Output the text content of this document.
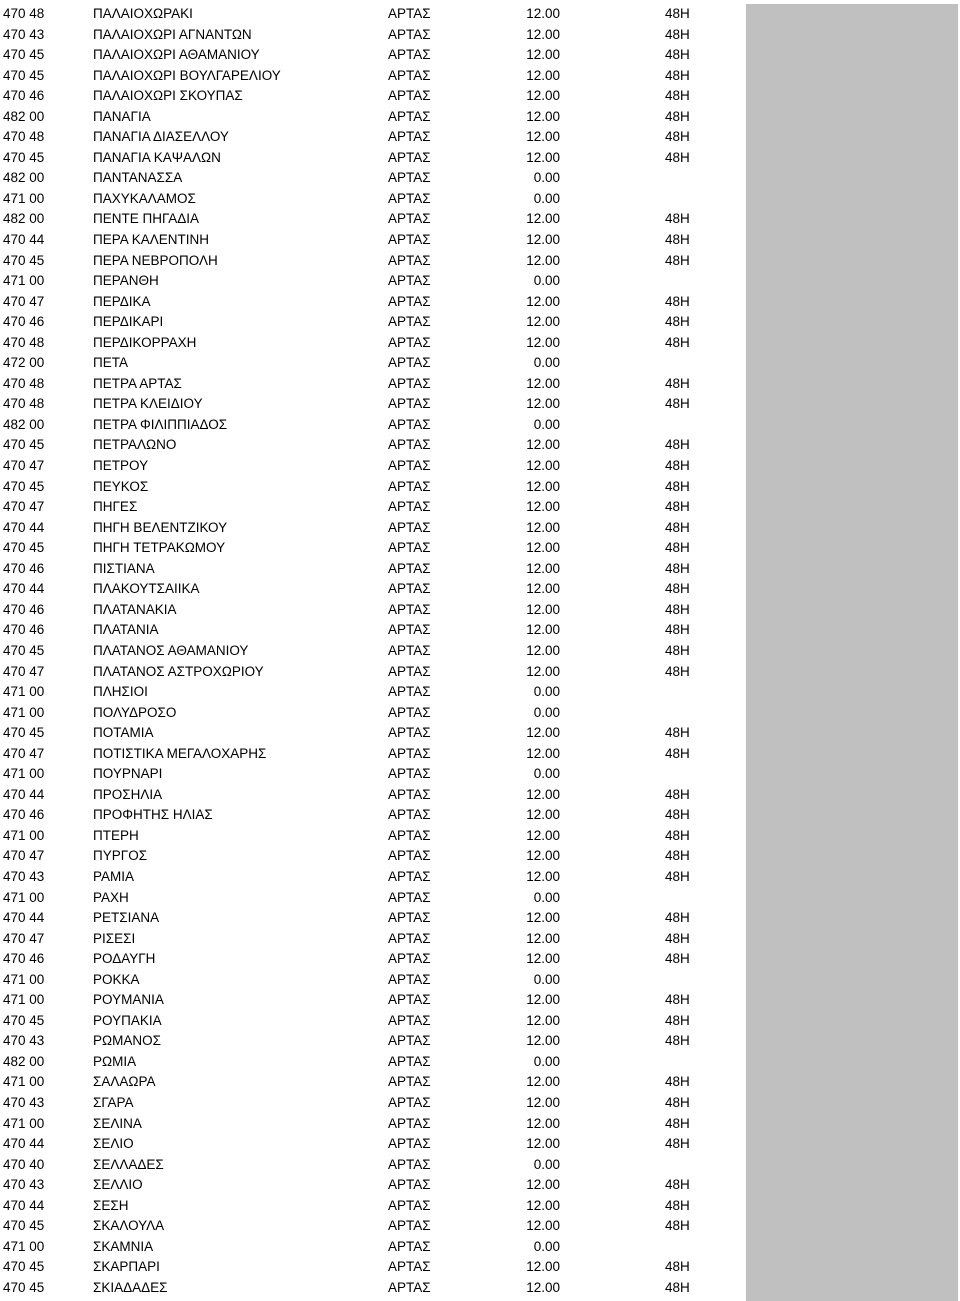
470 48	ΠΑΛΑΙΟΧΩΡΑΚΙ	ΑΡΤΑΣ	12.00	48Η
470 43	ΠΑΛΑΙΟΧΩΡΙ ΑΓΝΑΝΤΩΝ	ΑΡΤΑΣ	12.00	48Η
470 45	ΠΑΛΑΙΟΧΩΡΙ ΑΘΑΜΑΝΙΟΥ	ΑΡΤΑΣ	12.00	48Η
470 45	ΠΑΛΑΙΟΧΩΡΙ ΒΟΥΛΓΑΡΕΛΙΟΥ	ΑΡΤΑΣ	12.00	48Η
470 46	ΠΑΛΑΙΟΧΩΡΙ ΣΚΟΥΠΑΣ	ΑΡΤΑΣ	12.00	48Η
482 00	ΠΑΝΑΓΙΑ	ΑΡΤΑΣ	12.00	48Η
470 48	ΠΑΝΑΓΙΑ ΔΙΑΣΕΛΛΟΥ	ΑΡΤΑΣ	12.00	48Η
470 45	ΠΑΝΑΓΙΑ ΚΑΨΑΛΩΝ	ΑΡΤΑΣ	12.00	48Η
482 00	ΠΑΝΤΑΝΑΣΣΑ	ΑΡΤΑΣ	0.00
471 00	ΠΑΧΥΚΑΛΑΜΟΣ	ΑΡΤΑΣ	0.00
482 00	ΠΕΝΤΕ ΠΗΓΑΔΙΑ	ΑΡΤΑΣ	12.00	48Η
470 44	ΠΕΡΑ ΚΑΛΕΝΤΙΝΗ	ΑΡΤΑΣ	12.00	48Η
470 45	ΠΕΡΑ ΝΕΒΡΟΠΟΛΗ	ΑΡΤΑΣ	12.00	48Η
471 00	ΠΕΡΑΝΘΗ	ΑΡΤΑΣ	0.00
470 47	ΠΕΡΔΙΚΑ	ΑΡΤΑΣ	12.00	48Η
470 46	ΠΕΡΔΙΚΑΡΙ	ΑΡΤΑΣ	12.00	48Η
470 48	ΠΕΡΔΙΚΟΡΡΑΧΗ	ΑΡΤΑΣ	12.00	48Η
472 00	ΠΕΤΑ	ΑΡΤΑΣ	0.00
470 48	ΠΕΤΡΑ ΑΡΤΑΣ	ΑΡΤΑΣ	12.00	48Η
470 48	ΠΕΤΡΑ ΚΛΕΙΔΙΟΥ	ΑΡΤΑΣ	12.00	48Η
482 00	ΠΕΤΡΑ ΦΙΛΙΠΠΙΑΔΟΣ	ΑΡΤΑΣ	0.00
470 45	ΠΕΤΡΑΛΩΝΟ	ΑΡΤΑΣ	12.00	48Η
470 47	ΠΕΤΡΟΥ	ΑΡΤΑΣ	12.00	48Η
470 45	ΠΕΥΚΟΣ	ΑΡΤΑΣ	12.00	48Η
470 47	ΠΗΓΕΣ	ΑΡΤΑΣ	12.00	48Η
470 44	ΠΗΓΗ ΒΕΛΕΝΤΖΙΚΟΥ	ΑΡΤΑΣ	12.00	48Η
470 45	ΠΗΓΗ ΤΕΤΡΑΚΩΜΟΥ	ΑΡΤΑΣ	12.00	48Η
470 46	ΠΙΣΤΙΑΝΑ	ΑΡΤΑΣ	12.00	48Η
470 44	ΠΛΑΚΟΥΤΣΑΙΙΚΑ	ΑΡΤΑΣ	12.00	48Η
470 46	ΠΛΑΤΑΝΑΚΙΑ	ΑΡΤΑΣ	12.00	48Η
470 46	ΠΛΑΤΑΝΙΑ	ΑΡΤΑΣ	12.00	48Η
470 45	ΠΛΑΤΑΝΟΣ ΑΘΑΜΑΝΙΟΥ	ΑΡΤΑΣ	12.00	48Η
470 47	ΠΛΑΤΑΝΟΣ ΑΣΤΡΟΧΩΡΙΟΥ	ΑΡΤΑΣ	12.00	48Η
471 00	ΠΛΗΣΙΟΙ	ΑΡΤΑΣ	0.00
471 00	ΠΟΛΥΔΡΟΣΟ	ΑΡΤΑΣ	0.00
470 45	ΠΟΤΑΜΙΑ	ΑΡΤΑΣ	12.00	48Η
470 47	ΠΟΤΙΣΤΙΚΑ ΜΕΓΑΛΟΧΑΡΗΣ	ΑΡΤΑΣ	12.00	48Η
471 00	ΠΟΥΡΝΑΡΙ	ΑΡΤΑΣ	0.00
470 44	ΠΡΟΣΗΛΙΑ	ΑΡΤΑΣ	12.00	48Η
470 46	ΠΡΟΦΗΤΗΣ ΗΛΙΑΣ	ΑΡΤΑΣ	12.00	48Η
471 00	ΠΤΕΡΗ	ΑΡΤΑΣ	12.00	48Η
470 47	ΠΥΡΓΟΣ	ΑΡΤΑΣ	12.00	48Η
470 43	ΡΑΜΙΑ	ΑΡΤΑΣ	12.00	48Η
471 00	ΡΑΧΗ	ΑΡΤΑΣ	0.00
470 44	ΡΕΤΣΙΑΝΑ	ΑΡΤΑΣ	12.00	48Η
470 47	ΡΙΣΕΣΙ	ΑΡΤΑΣ	12.00	48Η
470 46	ΡΟΔΑΥΓΗ	ΑΡΤΑΣ	12.00	48Η
471 00	ΡΟΚΚΑ	ΑΡΤΑΣ	0.00
471 00	ΡΟΥΜΑΝΙΑ	ΑΡΤΑΣ	12.00	48Η
470 45	ΡΟΥΠΑΚΙΑ	ΑΡΤΑΣ	12.00	48Η
470 43	ΡΩΜΑΝΟΣ	ΑΡΤΑΣ	12.00	48Η
482 00	ΡΩΜΙΑ	ΑΡΤΑΣ	0.00
471 00	ΣΑΛΑΩΡΑ	ΑΡΤΑΣ	12.00	48Η
470 43	ΣΓΑΡΑ	ΑΡΤΑΣ	12.00	48Η
471 00	ΣΕΛΙΝΑ	ΑΡΤΑΣ	12.00	48Η
470 44	ΣΕΛΙΟ	ΑΡΤΑΣ	12.00	48Η
470 40	ΣΕΛΛΑΔΕΣ	ΑΡΤΑΣ	0.00
470 43	ΣΕΛΛΙΟ	ΑΡΤΑΣ	12.00	48Η
470 44	ΣΕΣΗ	ΑΡΤΑΣ	12.00	48Η
470 45	ΣΚΑΛΟΥΛΑ	ΑΡΤΑΣ	12.00	48Η
471 00	ΣΚΑΜΝΙΑ	ΑΡΤΑΣ	0.00
470 45	ΣΚΑΡΠΑΡΙ	ΑΡΤΑΣ	12.00	48Η
470 45	ΣΚΙΑΔΑΔΕΣ	ΑΡΤΑΣ	12.00	48Η
